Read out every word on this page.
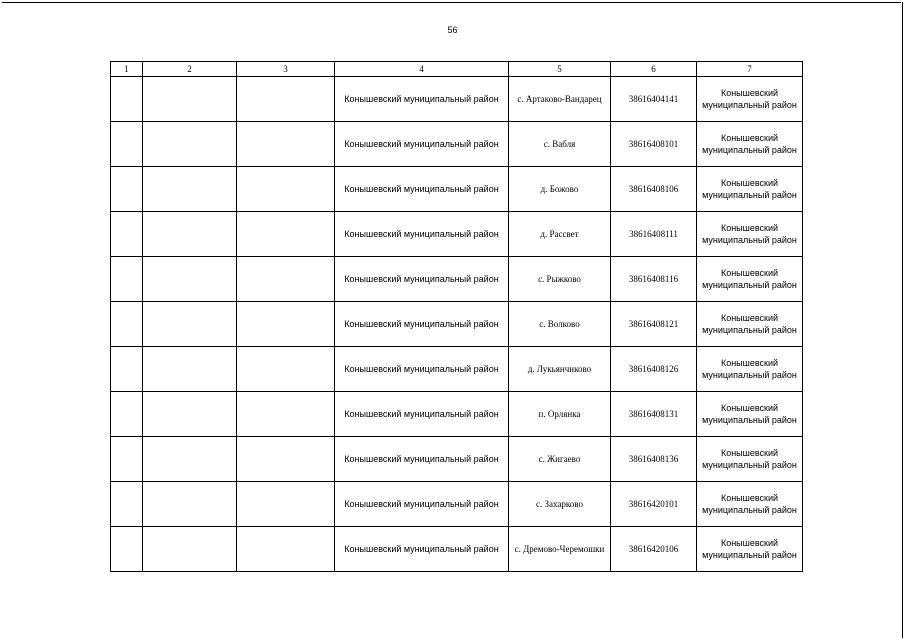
56
1	2	3	4	5	6	7
			Конышевский муниципальный район	с. Артаково-Вандарец	38616404141	Конышевский муниципальный район
			Конышевский муниципальный район	с. Вабля	38616408101	Конышевский муниципальный район
			Конышевский муниципальный район	д. Божово	38616408106	Конышевский муниципальный район
			Конышевский муниципальный район	д. Рассвет	38616408111	Конышевский муниципальный район
			Конышевский муниципальный район	с. Рыжково	38616408116	Конышевский муниципальный район
			Конышевский муниципальный район	с. Волково	38616408121	Конышевский муниципальный район
			Конышевский муниципальный район	д. Лукьянчиково	38616408126	Конышевский муниципальный район
			Конышевский муниципальный район	п. Орлянка	38616408131	Конышевский муниципальный район
			Конышевский муниципальный район	с. Жигаево	38616408136	Конышевский муниципальный район
			Конышевский муниципальный район	с. Захарково	38616420101	Конышевский муниципальный район
			Конышевский муниципальный район	с. Дремово-Черемошки	38616420106	Конышевский муниципальный район
